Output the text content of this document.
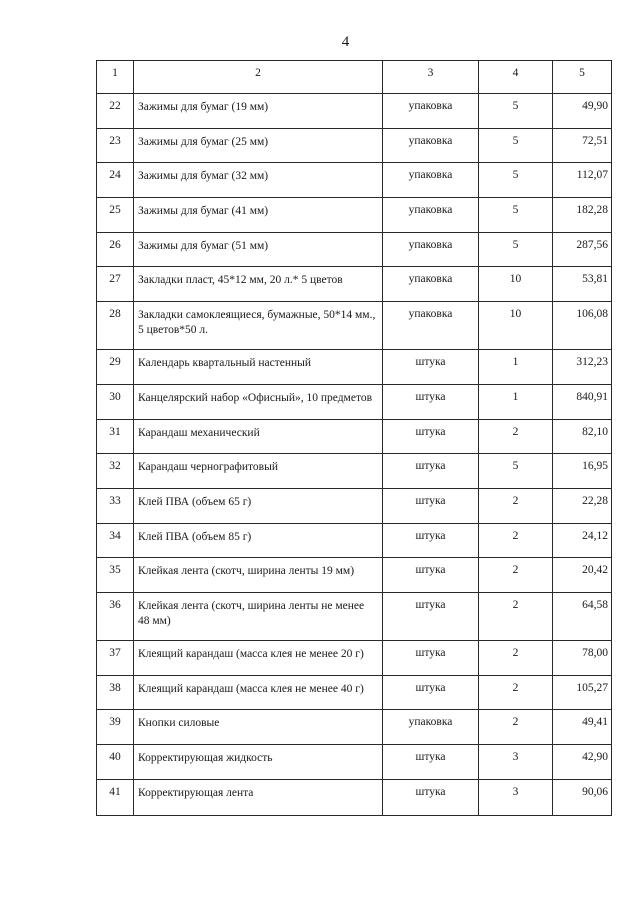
4
1	2	3	4	5
22	Зажимы для бумаг (19 мм)	упаковка	5	49,90
23	Зажимы для бумаг (25 мм)	упаковка	5	72,51
24	Зажимы для бумаг (32 мм)	упаковка	5	112,07
25	Зажимы для бумаг (41 мм)	упаковка	5	182,28
26	Зажимы для бумаг (51 мм)	упаковка	5	287,56
27	Закладки пласт, 45*12 мм, 20 л.* 5 цветов	упаковка	10	53,81
28	Закладки самоклеящиеся, бумажные, 50*14 мм., 5 цветов*50 л.	упаковка	10	106,08
29	Календарь квартальный настенный	штука	1	312,23
30	Канцелярский набор «Офисный», 10 предметов	штука	1	840,91
31	Карандаш механический	штука	2	82,10
32	Карандаш чернографитовый	штука	5	16,95
33	Клей ПВА (объем 65 г)	штука	2	22,28
34	Клей ПВА (объем 85 г)	штука	2	24,12
35	Клейкая лента (скотч, ширина ленты 19 мм)	штука	2	20,42
36	Клейкая лента (скотч, ширина ленты не менее 48 мм)	штука	2	64,58
37	Клеящий карандаш (масса клея не менее 20 г)	штука	2	78,00
38	Клеящий карандаш (масса клея не менее 40 г)	штука	2	105,27
39	Кнопки силовые	упаковка	2	49,41
40	Корректирующая жидкость	штука	3	42,90
41	Корректирующая лента	штука	3	90,06
